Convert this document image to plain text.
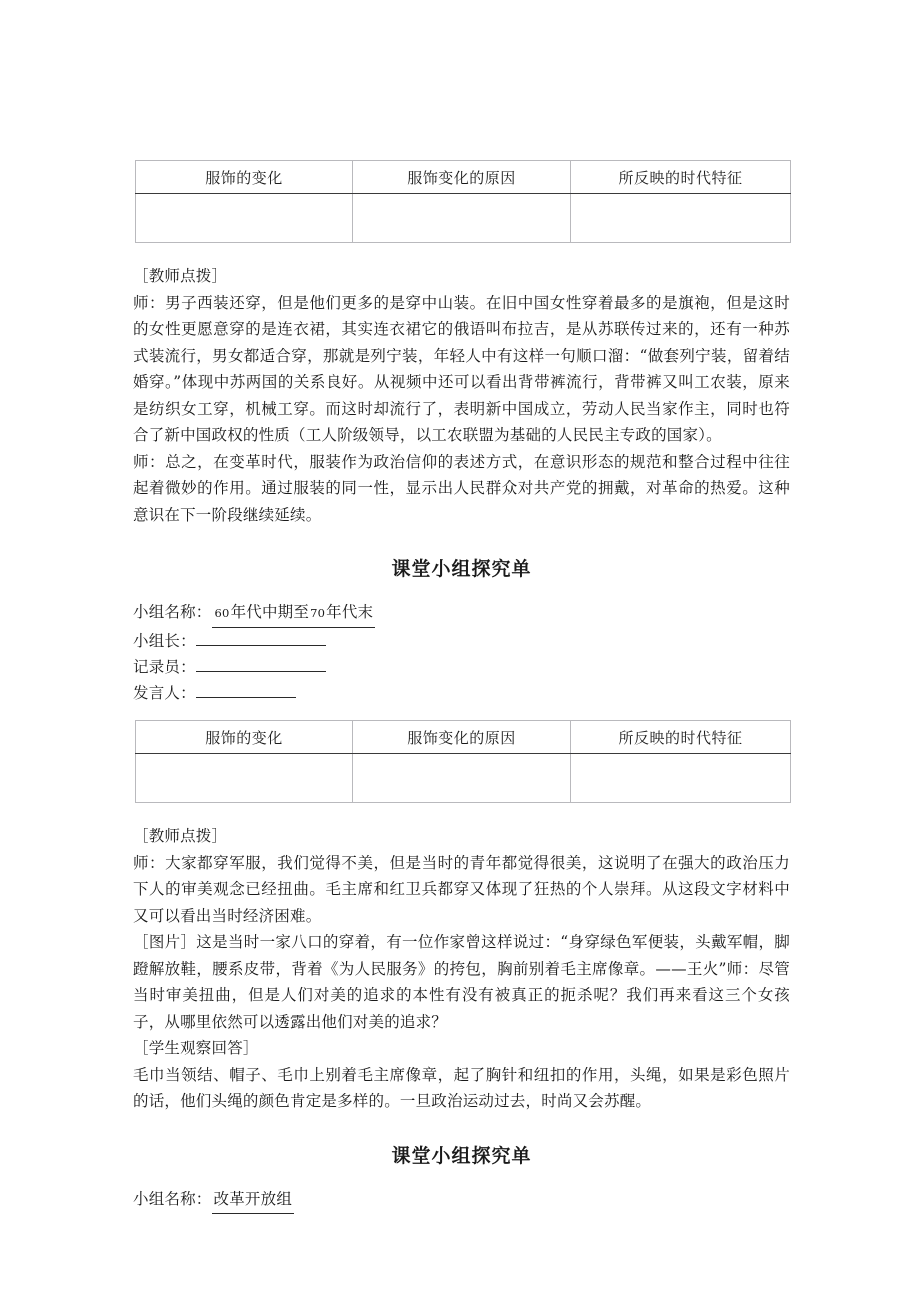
服饰的变化	服饰变化的原因	所反映的时代特征

［教师点拨］

师：男子西装还穿，但是他们更多的是穿中山装。在旧中国女性穿着最多的是旗袍，但是这时的女性更愿意穿的是连衣裙，其实连衣裙它的俄语叫布拉吉，是从苏联传过来的，还有一种苏式装流行，男女都适合穿，那就是列宁装，年轻人中有这样一句顺口溜：“做套列宁装，留着结婚穿。”体现中苏两国的关系良好。从视频中还可以看出背带裤流行，背带裤又叫工农装，原来是纺织女工穿，机械工穿。而这时却流行了，表明新中国成立，劳动人民当家作主，同时也符合了新中国政权的性质（工人阶级领导，以工农联盟为基础的人民民主专政的国家）。

师：总之，在变革时代，服装作为政治信仰的表述方式，在意识形态的规范和整合过程中往往起着微妙的作用。通过服装的同一性，显示出人民群众对共产党的拥戴，对革命的热爱。这种意识在下一阶段继续延续。

课堂小组探究单

小组名称： 60年代中期至70年代末

小组长：

记录员：

发言人：

服饰的变化	服饰变化的原因	所反映的时代特征

［教师点拨］

师：大家都穿军服，我们觉得不美，但是当时的青年都觉得很美，这说明了在强大的政治压力下人的审美观念已经扭曲。毛主席和红卫兵都穿又体现了狂热的个人崇拜。从这段文字材料中又可以看出当时经济困难。

［图片］这是当时一家八口的穿着，有一位作家曾这样说过：“身穿绿色军便装，头戴军帽，脚蹬解放鞋，腰系皮带，背着《为人民服务》的挎包，胸前别着毛主席像章。——王火”师：尽管当时审美扭曲，但是人们对美的追求的本性有没有被真正的扼杀呢？我们再来看这三个女孩子，从哪里依然可以透露出他们对美的追求？

［学生观察回答］

毛巾当领结、帽子、毛巾上别着毛主席像章，起了胸针和纽扣的作用，头绳，如果是彩色照片的话，他们头绳的颜色肯定是多样的。一旦政治运动过去，时尚又会苏醒。

课堂小组探究单

小组名称： 改革开放组
